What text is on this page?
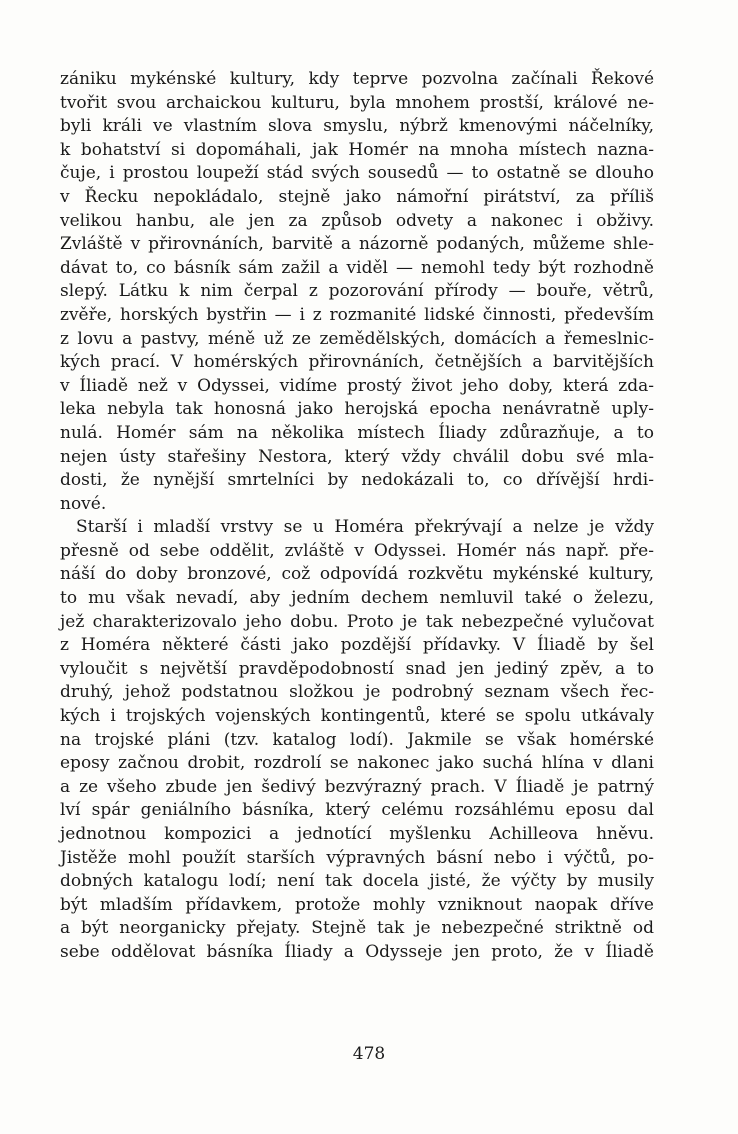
zániku mykénské kultury, kdy teprve pozvolna začínali Řekové
tvořit svou archaickou kulturu, byla mnohem prostší, králové ne-
byli králi ve vlastním slova smyslu, nýbrž kmenovými náčelníky,
k bohatství si dopomáhali, jak Homér na mnoha místech nazna-
čuje, i prostou loupeží stád svých sousedů — to ostatně se dlouho
v Řecku nepokládalo, stejně jako námořní pirátství, za příliš
velikou hanbu, ale jen za způsob odvety a nakonec i obživy.
Zvláště v přirovnáních, barvitě a názorně podaných, můžeme shle-
dávat to, co básník sám zažil a viděl — nemohl tedy být rozhodně
slepý. Látku k nim čerpal z pozorování přírody — bouře, větrů,
zvěře, horských bystřin — i z rozmanité lidské činnosti, především
z lovu a pastvy, méně už ze zemědělských, domácích a řemeslnic-
kých prací. V homérských přirovnáních, četnějších a barvitějších
v Íliadě než v Odyssei, vidíme prostý život jeho doby, která zda-
leka nebyla tak honosná jako herojská epocha nenávratně uply-
nulá. Homér sám na několika místech Íliady zdůrazňuje, a to
nejen ústy stařešiny Nestora, který vždy chválil dobu své mla-
dosti, že nynější smrtelníci by nedokázali to, co dřívější hrdi-
nové.
Starší i mladší vrstvy se u Homéra překrývají a nelze je vždy
přesně od sebe oddělit, zvláště v Odyssei. Homér nás např. pře-
náší do doby bronzové, což odpovídá rozkvětu mykénské kultury,
to mu však nevadí, aby jedním dechem nemluvil také o železu,
jež charakterizovalo jeho dobu. Proto je tak nebezpečné vylučovat
z Homéra některé části jako pozdější přídavky. V Íliadě by šel
vyloučit s největší pravděpodobností snad jen jediný zpěv, a to
druhý, jehož podstatnou složkou je podrobný seznam všech řec-
kých i trojských vojenských kontingentů, které se spolu utkávaly
na trojské pláni (tzv. katalog lodí). Jakmile se však homérské
eposy začnou drobit, rozdrolí se nakonec jako suchá hlína v dlani
a ze všeho zbude jen šedivý bezvýrazný prach. V Íliadě je patrný
lví spár geniálního básníka, který celému rozsáhlému eposu dal
jednotnou kompozici a jednotící myšlenku Achilleova hněvu.
Jistěže mohl použít starších výpravných básní nebo i výčtů, po-
dobných katalogu lodí; není tak docela jisté, že výčty by musily
být mladším přídavkem, protože mohly vzniknout naopak dříve
a být neorganicky přejaty. Stejně tak je nebezpečné striktně od
sebe oddělovat básníka Íliady a Odysseje jen proto, že v Íliadě
478
